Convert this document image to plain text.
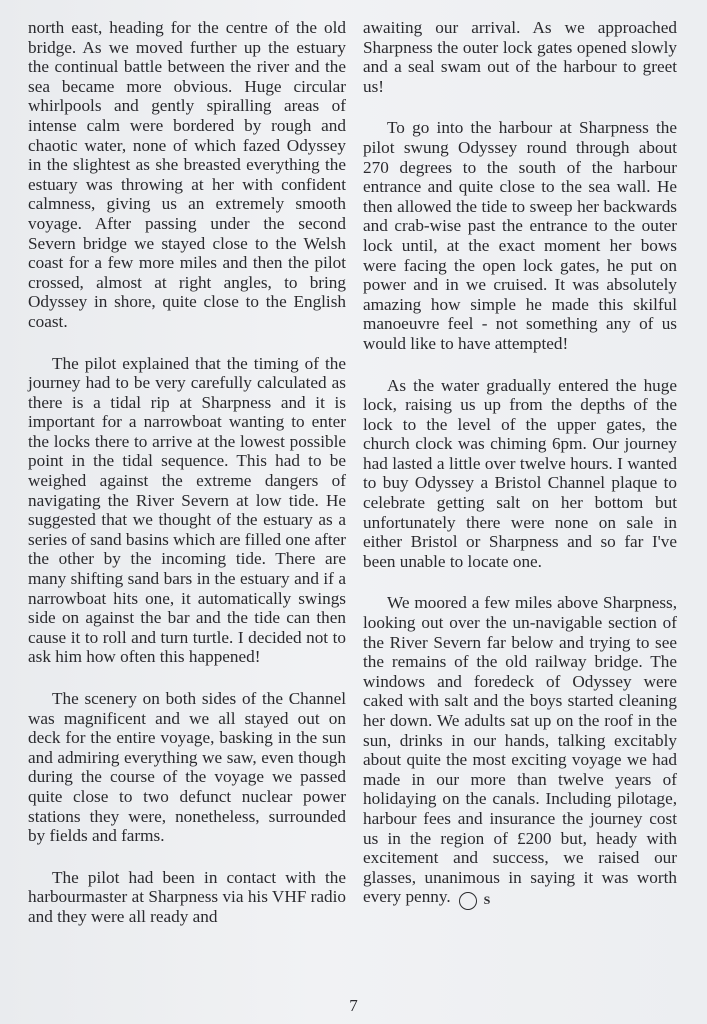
north east, heading for the centre of the old bridge. As we moved further up the estuary the continual battle between the river and the sea became more obvious. Huge circular whirlpools and gently spiralling areas of intense calm were bordered by rough and chaotic water, none of which fazed Odyssey in the slightest as she breasted everything the estuary was throwing at her with confident calmness, giving us an extremely smooth voyage. After passing under the second Severn bridge we stayed close to the Welsh coast for a few more miles and then the pilot crossed, almost at right angles, to bring Odyssey in shore, quite close to the English coast.

The pilot explained that the timing of the journey had to be very carefully calculated as there is a tidal rip at Sharpness and it is important for a narrowboat wanting to enter the locks there to arrive at the lowest possible point in the tidal sequence. This had to be weighed against the extreme dangers of navigating the River Severn at low tide. He suggested that we thought of the estuary as a series of sand basins which are filled one after the other by the incoming tide. There are many shifting sand bars in the estuary and if a narrowboat hits one, it automatically swings side on against the bar and the tide can then cause it to roll and turn turtle. I decided not to ask him how often this happened!

The scenery on both sides of the Channel was magnificent and we all stayed out on deck for the entire voyage, basking in the sun and admiring everything we saw, even though during the course of the voyage we passed quite close to two defunct nuclear power stations they were, nonetheless, surrounded by fields and farms.

The pilot had been in contact with the harbourmaster at Sharpness via his VHF radio and they were all ready and

awaiting our arrival. As we approached Sharpness the outer lock gates opened slowly and a seal swam out of the harbour to greet us!

To go into the harbour at Sharpness the pilot swung Odyssey round through about 270 degrees to the south of the harbour entrance and quite close to the sea wall. He then allowed the tide to sweep her backwards and crab-wise past the entrance to the outer lock until, at the exact moment her bows were facing the open lock gates, he put on power and in we cruised. It was absolutely amazing how simple he made this skilful manoeuvre feel - not something any of us would like to have attempted!

As the water gradually entered the huge lock, raising us up from the depths of the lock to the level of the upper gates, the church clock was chiming 6pm. Our journey had lasted a little over twelve hours. I wanted to buy Odyssey a Bristol Channel plaque to celebrate getting salt on her bottom but unfortunately there were none on sale in either Bristol or Sharpness and so far I've been unable to locate one.

We moored a few miles above Sharpness, looking out over the un-navigable section of the River Severn far below and trying to see the remains of the old railway bridge. The windows and foredeck of Odyssey were caked with salt and the boys started cleaning her down. We adults sat up on the roof in the sun, drinks in our hands, talking excitably about quite the most exciting voyage we had made in our more than twelve years of holidaying on the canals. Including pilotage, harbour fees and insurance the journey cost us in the region of £200 but, heady with excitement and success, we raised our glasses, unanimous in saying it was worth every penny.	S

7
